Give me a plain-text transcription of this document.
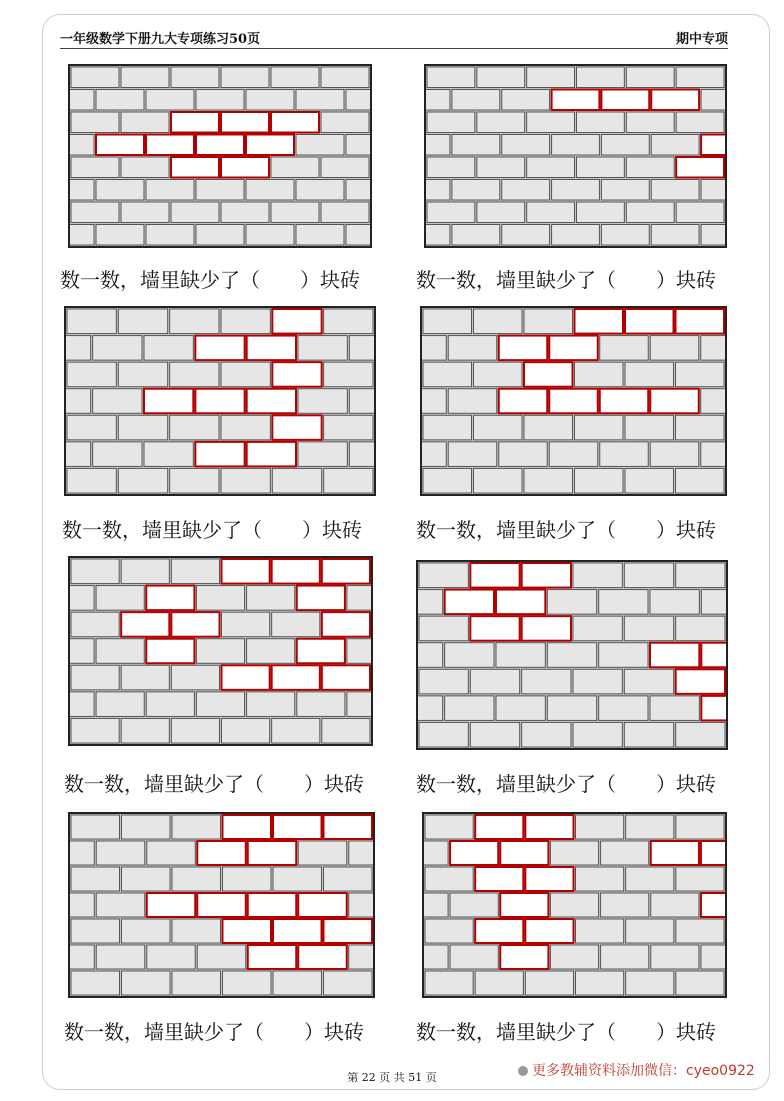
一年级数学下册九大专项练习50页	期中专项
数一数，墙里缺少了（　　）块砖	数一数，墙里缺少了（　　）块砖
数一数，墙里缺少了（　　）块砖	数一数，墙里缺少了（　　）块砖
数一数，墙里缺少了（　　）块砖	数一数，墙里缺少了（　　）块砖
数一数，墙里缺少了（　　）块砖	数一数，墙里缺少了（　　）块砖
第 22 页 共 51 页	更多教辅资料添加微信：cyeo0922
